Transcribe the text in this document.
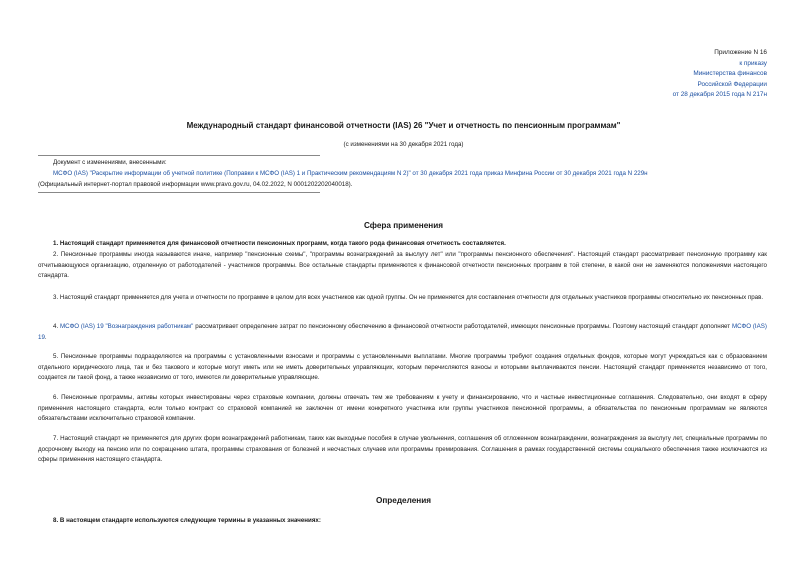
Приложение N 16
к приказу
Министерства финансов
Российской Федерации
от 28 декабря 2015 года N 217н
Международный стандарт финансовой отчетности (IAS) 26 "Учет и отчетность по пенсионным программам"
(с изменениями на 30 декабря 2021 года)
Документ с изменениями, внесенными:
МСФО (IAS) "Раскрытие информации об учетной политике (Поправки к МСФО (IAS) 1 и Практическим рекомендациям N 2)" от 30 декабря 2021 года приказ Минфина России от 30 декабря 2021 года N 229н
(Официальный интернет-портал правовой информации www.pravo.gov.ru, 04.02.2022, N 0001202202040018).
Сфера применения
1. Настоящий стандарт применяется для финансовой отчетности пенсионных программ, когда такого рода финансовая отчетность составляется.
2. Пенсионные программы иногда называются иначе, например "пенсионные схемы", "программы вознаграждений за выслугу лет" или "программы пенсионного обеспечения". Настоящий стандарт рассматривает пенсионную программу как отчитывающуюся организацию, отделенную от работодателей - участников программы. Все остальные стандарты применяются к финансовой отчетности пенсионных программ в той степени, в какой они не заменяются положениями настоящего стандарта.
3. Настоящий стандарт применяется для учета и отчетности по программе в целом для всех участников как одной группы. Он не применяется для составления отчетности для отдельных участников программы относительно их пенсионных прав.
4. МСФО (IAS) 19 "Вознаграждения работникам" рассматривает определение затрат по пенсионному обеспечению в финансовой отчетности работодателей, имеющих пенсионные программы. Поэтому настоящий стандарт дополняет МСФО (IAS) 19.
5. Пенсионные программы подразделяются на программы с установленными взносами и программы с установленными выплатами. Многие программы требуют создания отдельных фондов, которые могут учреждаться как с образованием отдельного юридического лица, так и без такового и которые могут иметь или не иметь доверительных управляющих, которым перечисляются взносы и которыми выплачиваются пенсии. Настоящий стандарт применяется независимо от того, создается ли такой фонд, а также независимо от того, имеются ли доверительные управляющие.
6. Пенсионные программы, активы которых инвестированы через страховые компании, должны отвечать тем же требованиям к учету и финансированию, что и частные инвестиционные соглашения. Следовательно, они входят в сферу применения настоящего стандарта, если только контракт со страховой компанией не заключен от имени конкретного участника или группы участников пенсионной программы, а обязательства по пенсионным программам не являются обязательствами исключительно страховой компании.
7. Настоящий стандарт не применяется для других форм вознаграждений работникам, таких как выходные пособия в случае увольнения, соглашения об отложенном вознаграждении, вознаграждения за выслугу лет, специальные программы по досрочному выходу на пенсию или по сокращению штата, программы страхования от болезней и несчастных случаев или программы премирования. Соглашения в рамках государственной системы социального обеспечения также исключаются из сферы применения настоящего стандарта.
Определения
8. В настоящем стандарте используются следующие термины в указанных значениях:
